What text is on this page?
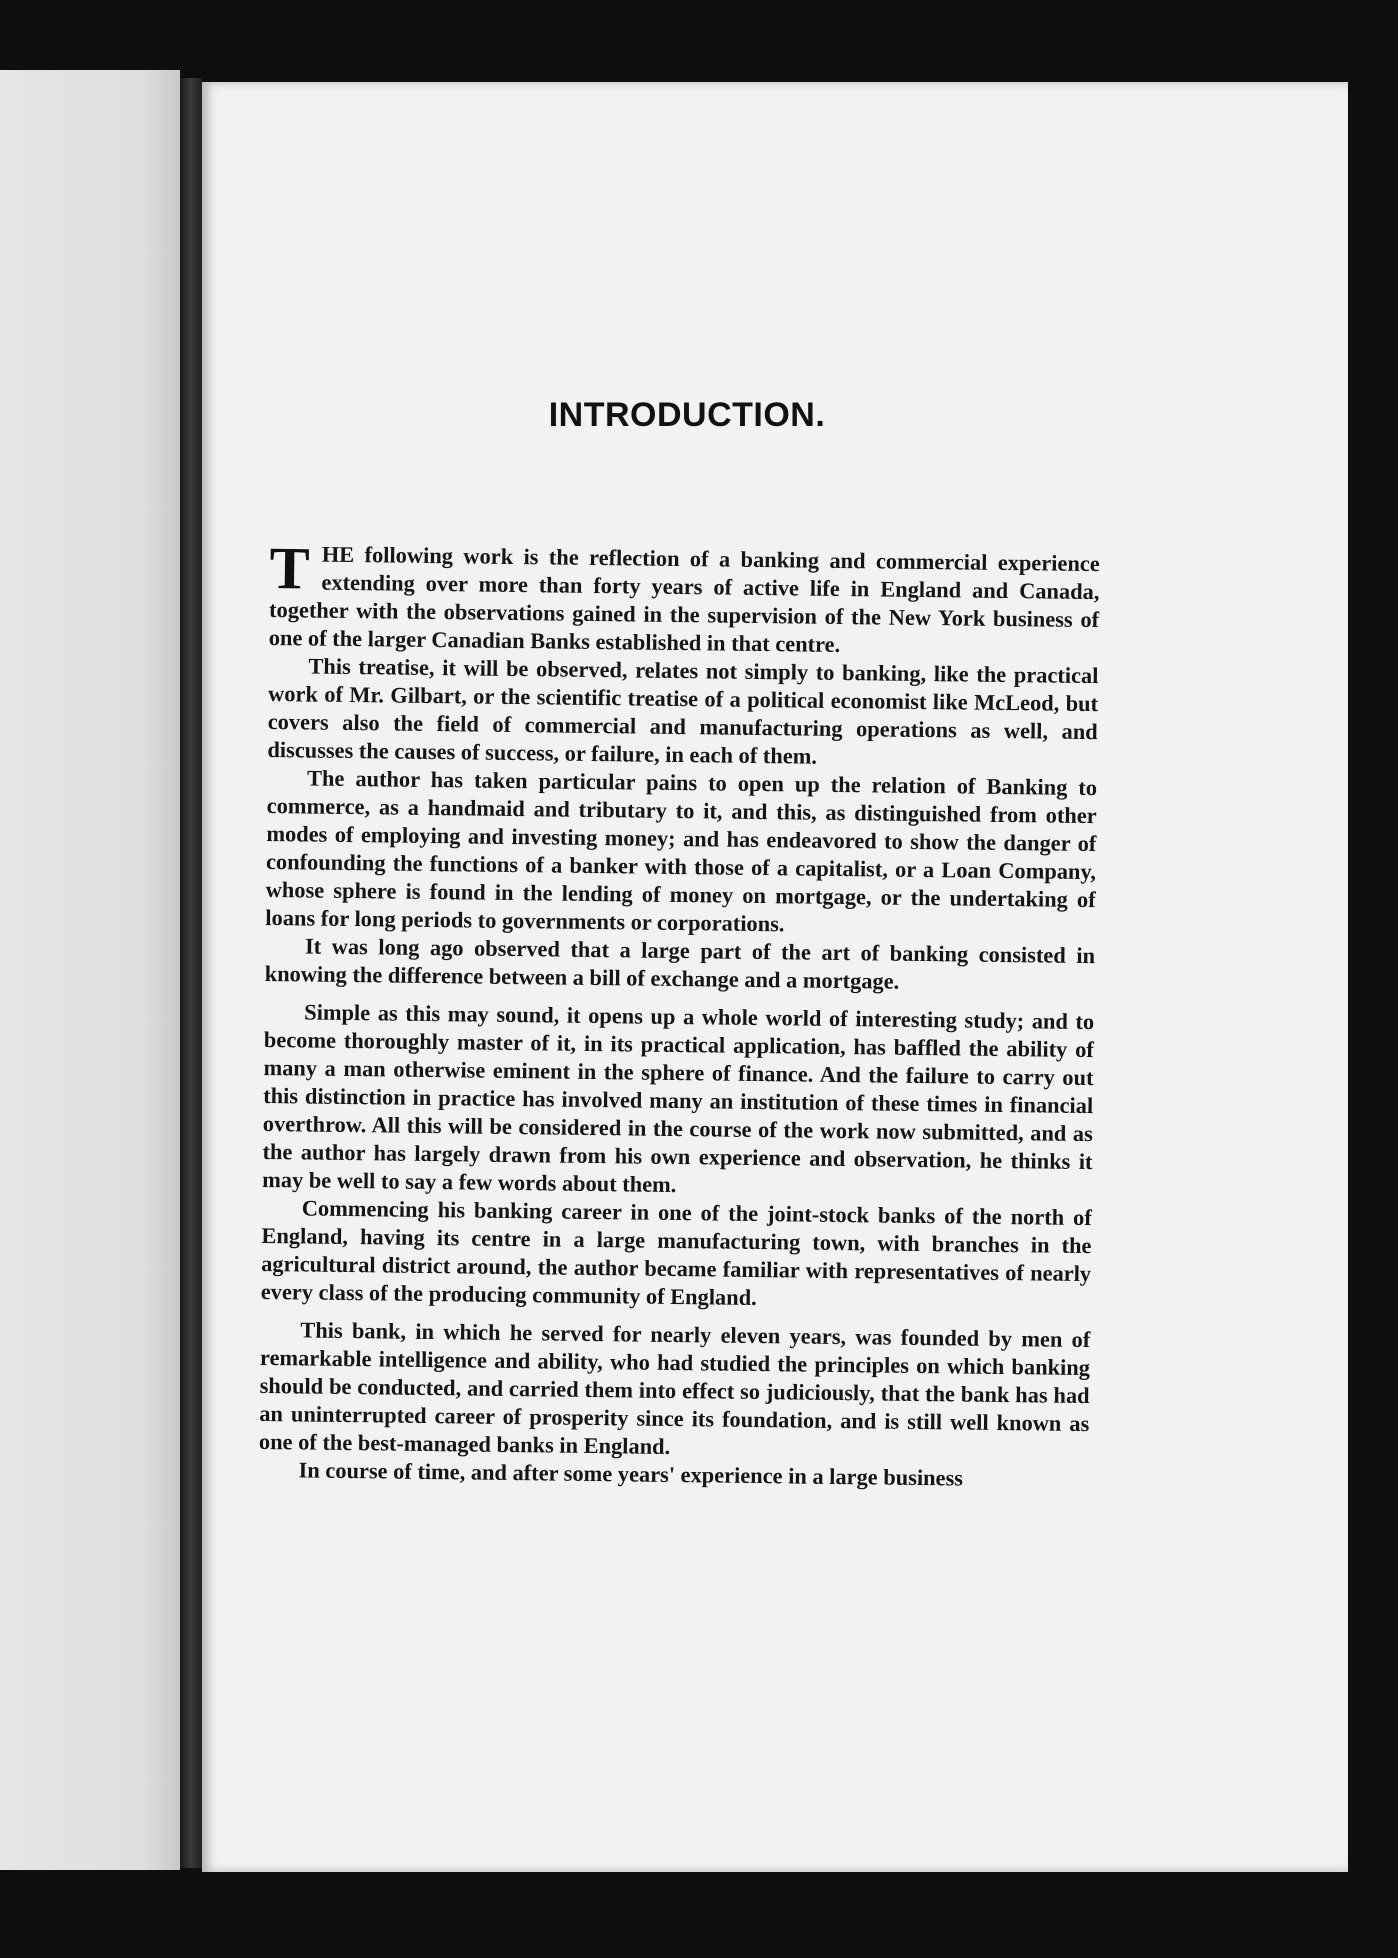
INTRODUCTION.

THE following work is the reflection of a banking and commercial experience extending over more than forty years of active life in England and Canada, together with the observations gained in the supervision of the New York business of one of the larger Canadian Banks established in that centre.

This treatise, it will be observed, relates not simply to banking, like the practical work of Mr. Gilbart, or the scientific treatise of a political economist like McLeod, but covers also the field of commercial and manufacturing operations as well, and discusses the causes of success, or failure, in each of them.

The author has taken particular pains to open up the relation of Banking to commerce, as a handmaid and tributary to it, and this, as distinguished from other modes of employing and investing money; and has endeavored to show the danger of confounding the functions of a banker with those of a capitalist, or a Loan Company, whose sphere is found in the lending of money on mortgage, or the undertaking of loans for long periods to governments or corporations.

It was long ago observed that a large part of the art of banking consisted in knowing the difference between a bill of exchange and a mortgage.

Simple as this may sound, it opens up a whole world of interesting study; and to become thoroughly master of it, in its practical application, has baffled the ability of many a man otherwise eminent in the sphere of finance. And the failure to carry out this distinction in practice has involved many an institution of these times in financial overthrow. All this will be considered in the course of the work now submitted, and as the author has largely drawn from his own experience and observation, he thinks it may be well to say a few words about them.

Commencing his banking career in one of the joint-stock banks of the north of England, having its centre in a large manufacturing town, with branches in the agricultural district around, the author became familiar with representatives of nearly every class of the producing community of England.

This bank, in which he served for nearly eleven years, was founded by men of remarkable intelligence and ability, who had studied the principles on which banking should be conducted, and carried them into effect so judiciously, that the bank has had an uninterrupted career of prosperity since its foundation, and is still well known as one of the best-managed banks in England.

In course of time, and after some years' experience in a large business
